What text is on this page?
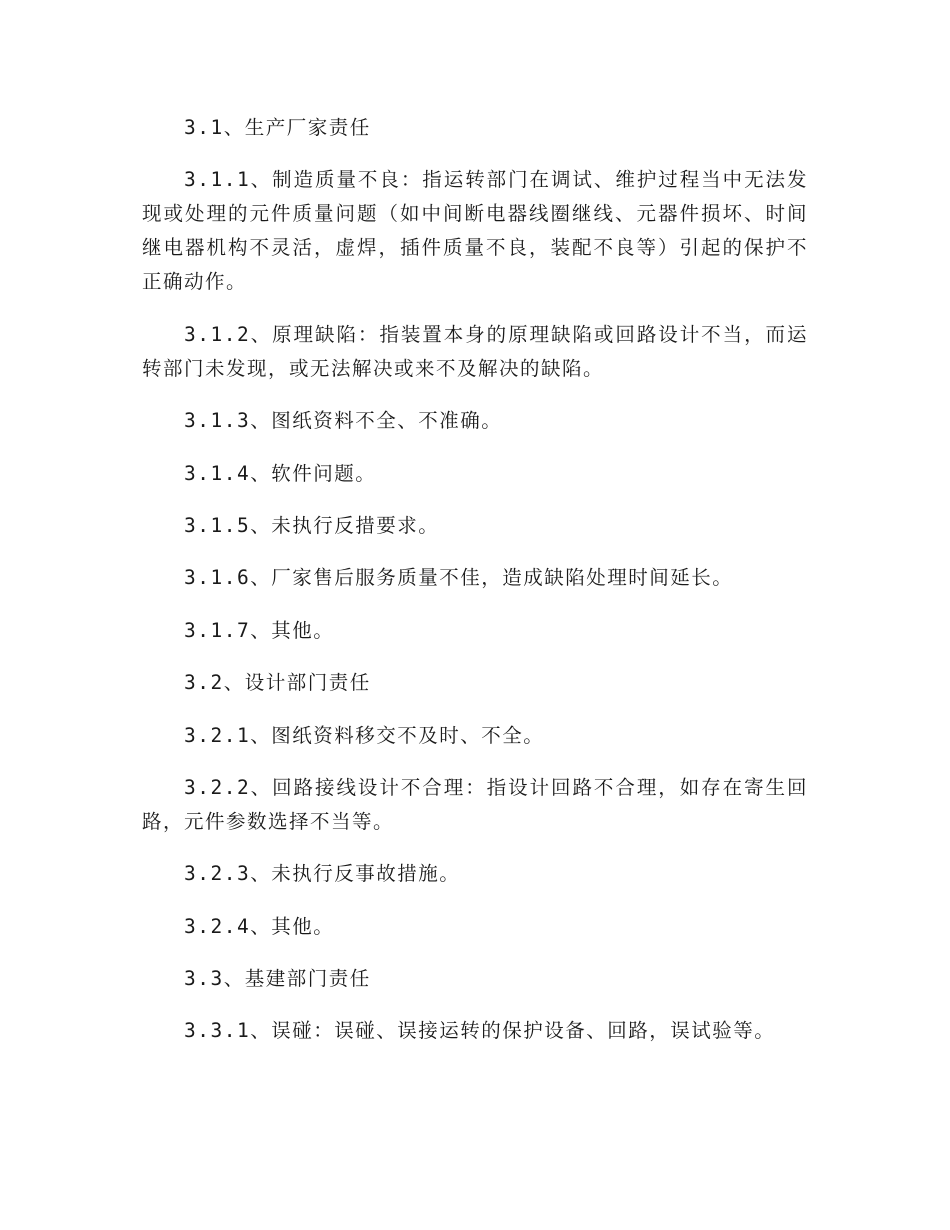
3.1、生产厂家责任

3.1.1、制造质量不良：指运转部门在调试、维护过程当中无法发现或处理的元件质量问题（如中间断电器线圈继线、元器件损坏、时间继电器机构不灵活，虚焊，插件质量不良，装配不良等）引起的保护不正确动作。

3.1.2、原理缺陷：指装置本身的原理缺陷或回路设计不当，而运转部门未发现，或无法解决或来不及解决的缺陷。

3.1.3、图纸资料不全、不准确。

3.1.4、软件问题。

3.1.5、未执行反措要求。

3.1.6、厂家售后服务质量不佳，造成缺陷处理时间延长。

3.1.7、其他。

3.2、设计部门责任

3.2.1、图纸资料移交不及时、不全。

3.2.2、回路接线设计不合理：指设计回路不合理，如存在寄生回路，元件参数选择不当等。

3.2.3、未执行反事故措施。

3.2.4、其他。

3.3、基建部门责任

3.3.1、误碰：误碰、误接运转的保护设备、回路，误试验等。
